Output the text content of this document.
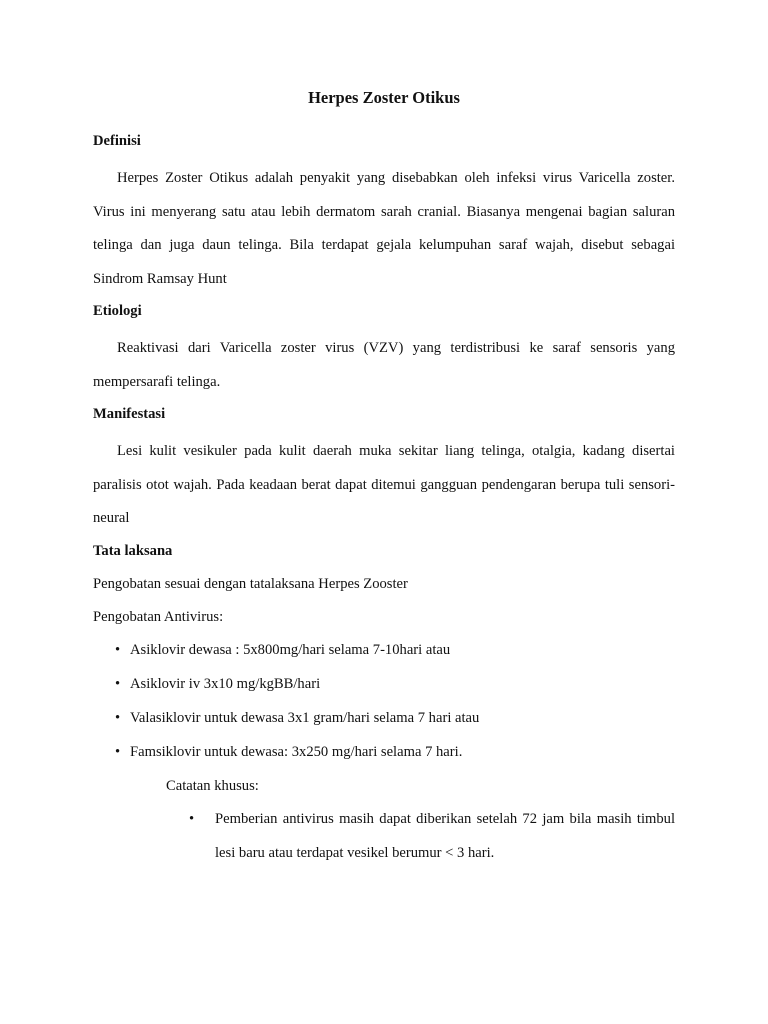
Herpes Zoster Otikus
Definisi

Herpes Zoster Otikus adalah penyakit yang disebabkan oleh infeksi virus Varicella zoster. Virus ini menyerang satu atau lebih dermatom sarah cranial. Biasanya mengenai bagian saluran telinga dan juga daun telinga. Bila terdapat gejala kelumpuhan saraf wajah, disebut sebagai Sindrom Ramsay Hunt

Etiologi

Reaktivasi dari Varicella zoster virus (VZV) yang terdistribusi ke saraf sensoris yang mempersarafi telinga.

Manifestasi

Lesi kulit vesikuler pada kulit daerah muka sekitar liang telinga, otalgia, kadang disertai paralisis otot wajah. Pada keadaan berat dapat ditemui gangguan pendengaran berupa tuli sensori-neural

Tata laksana
Pengobatan sesuai dengan tatalaksana Herpes Zooster
Pengobatan Antivirus:
• Asiklovir dewasa : 5x800mg/hari selama 7-10hari atau
• Asiklovir iv 3x10 mg/kgBB/hari
• Valasiklovir untuk dewasa 3x1 gram/hari selama 7 hari atau
• Famsiklovir untuk dewasa: 3x250 mg/hari selama 7 hari.
Catatan khusus:
• Pemberian antivirus masih dapat diberikan setelah 72 jam bila masih timbul lesi baru atau terdapat vesikel berumur < 3 hari.
